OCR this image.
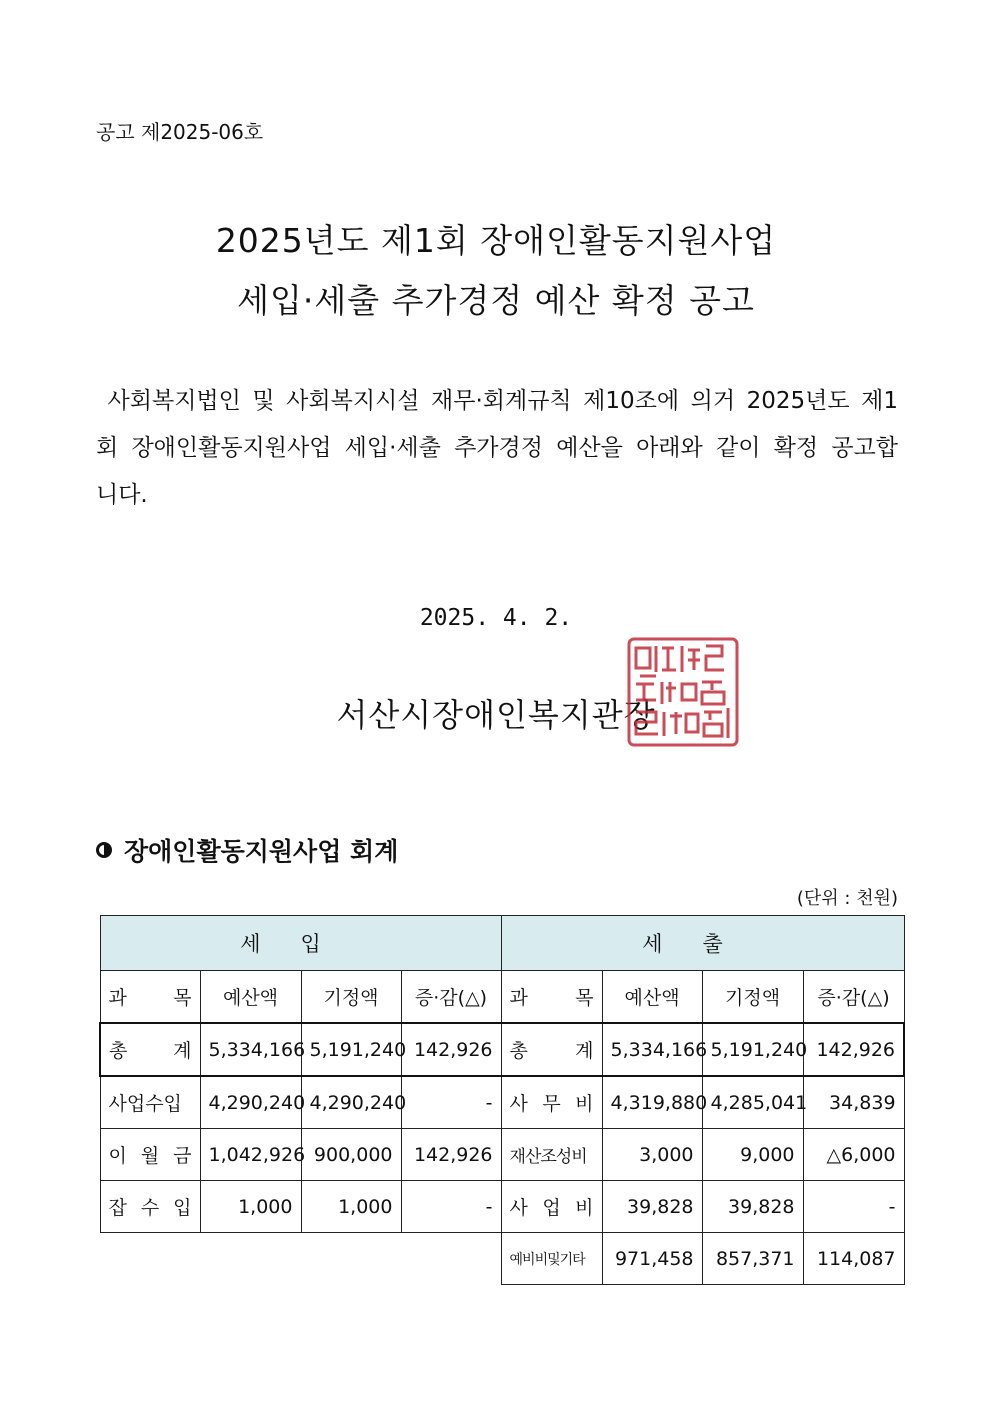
공고 제2025-06호
2025년도 제1회 장애인활동지원사업
세입·세출 추가경정 예산 확정 공고
사회복지법인 및 사회복지시설 재무·회계규칙 제10조에 의거 2025년도 제1회 장애인활동지원사업 세입·세출 추가경정 예산을 아래와 같이 확정 공고합니다.
2025. 4. 2.
서산시장애인복지관장
장애인활동지원사업 회계
(단위 : 천원)
세입				세출			
과 목	예산액	기정액	증·감(△)	과 목	예산액	기정액	증·감(△)
총 계	5,334,166	5,191,240	142,926	총 계	5,334,166	5,191,240	142,926
사업수입	4,290,240	4,290,240	-	사 무 비	4,319,880	4,285,041	34,839
이 월 금	1,042,926	900,000	142,926	재산조성비	3,000	9,000	△6,000
잡 수 입	1,000	1,000	-	사 업 비	39,828	39,828	-
				예비비및기타	971,458	857,371	114,087
